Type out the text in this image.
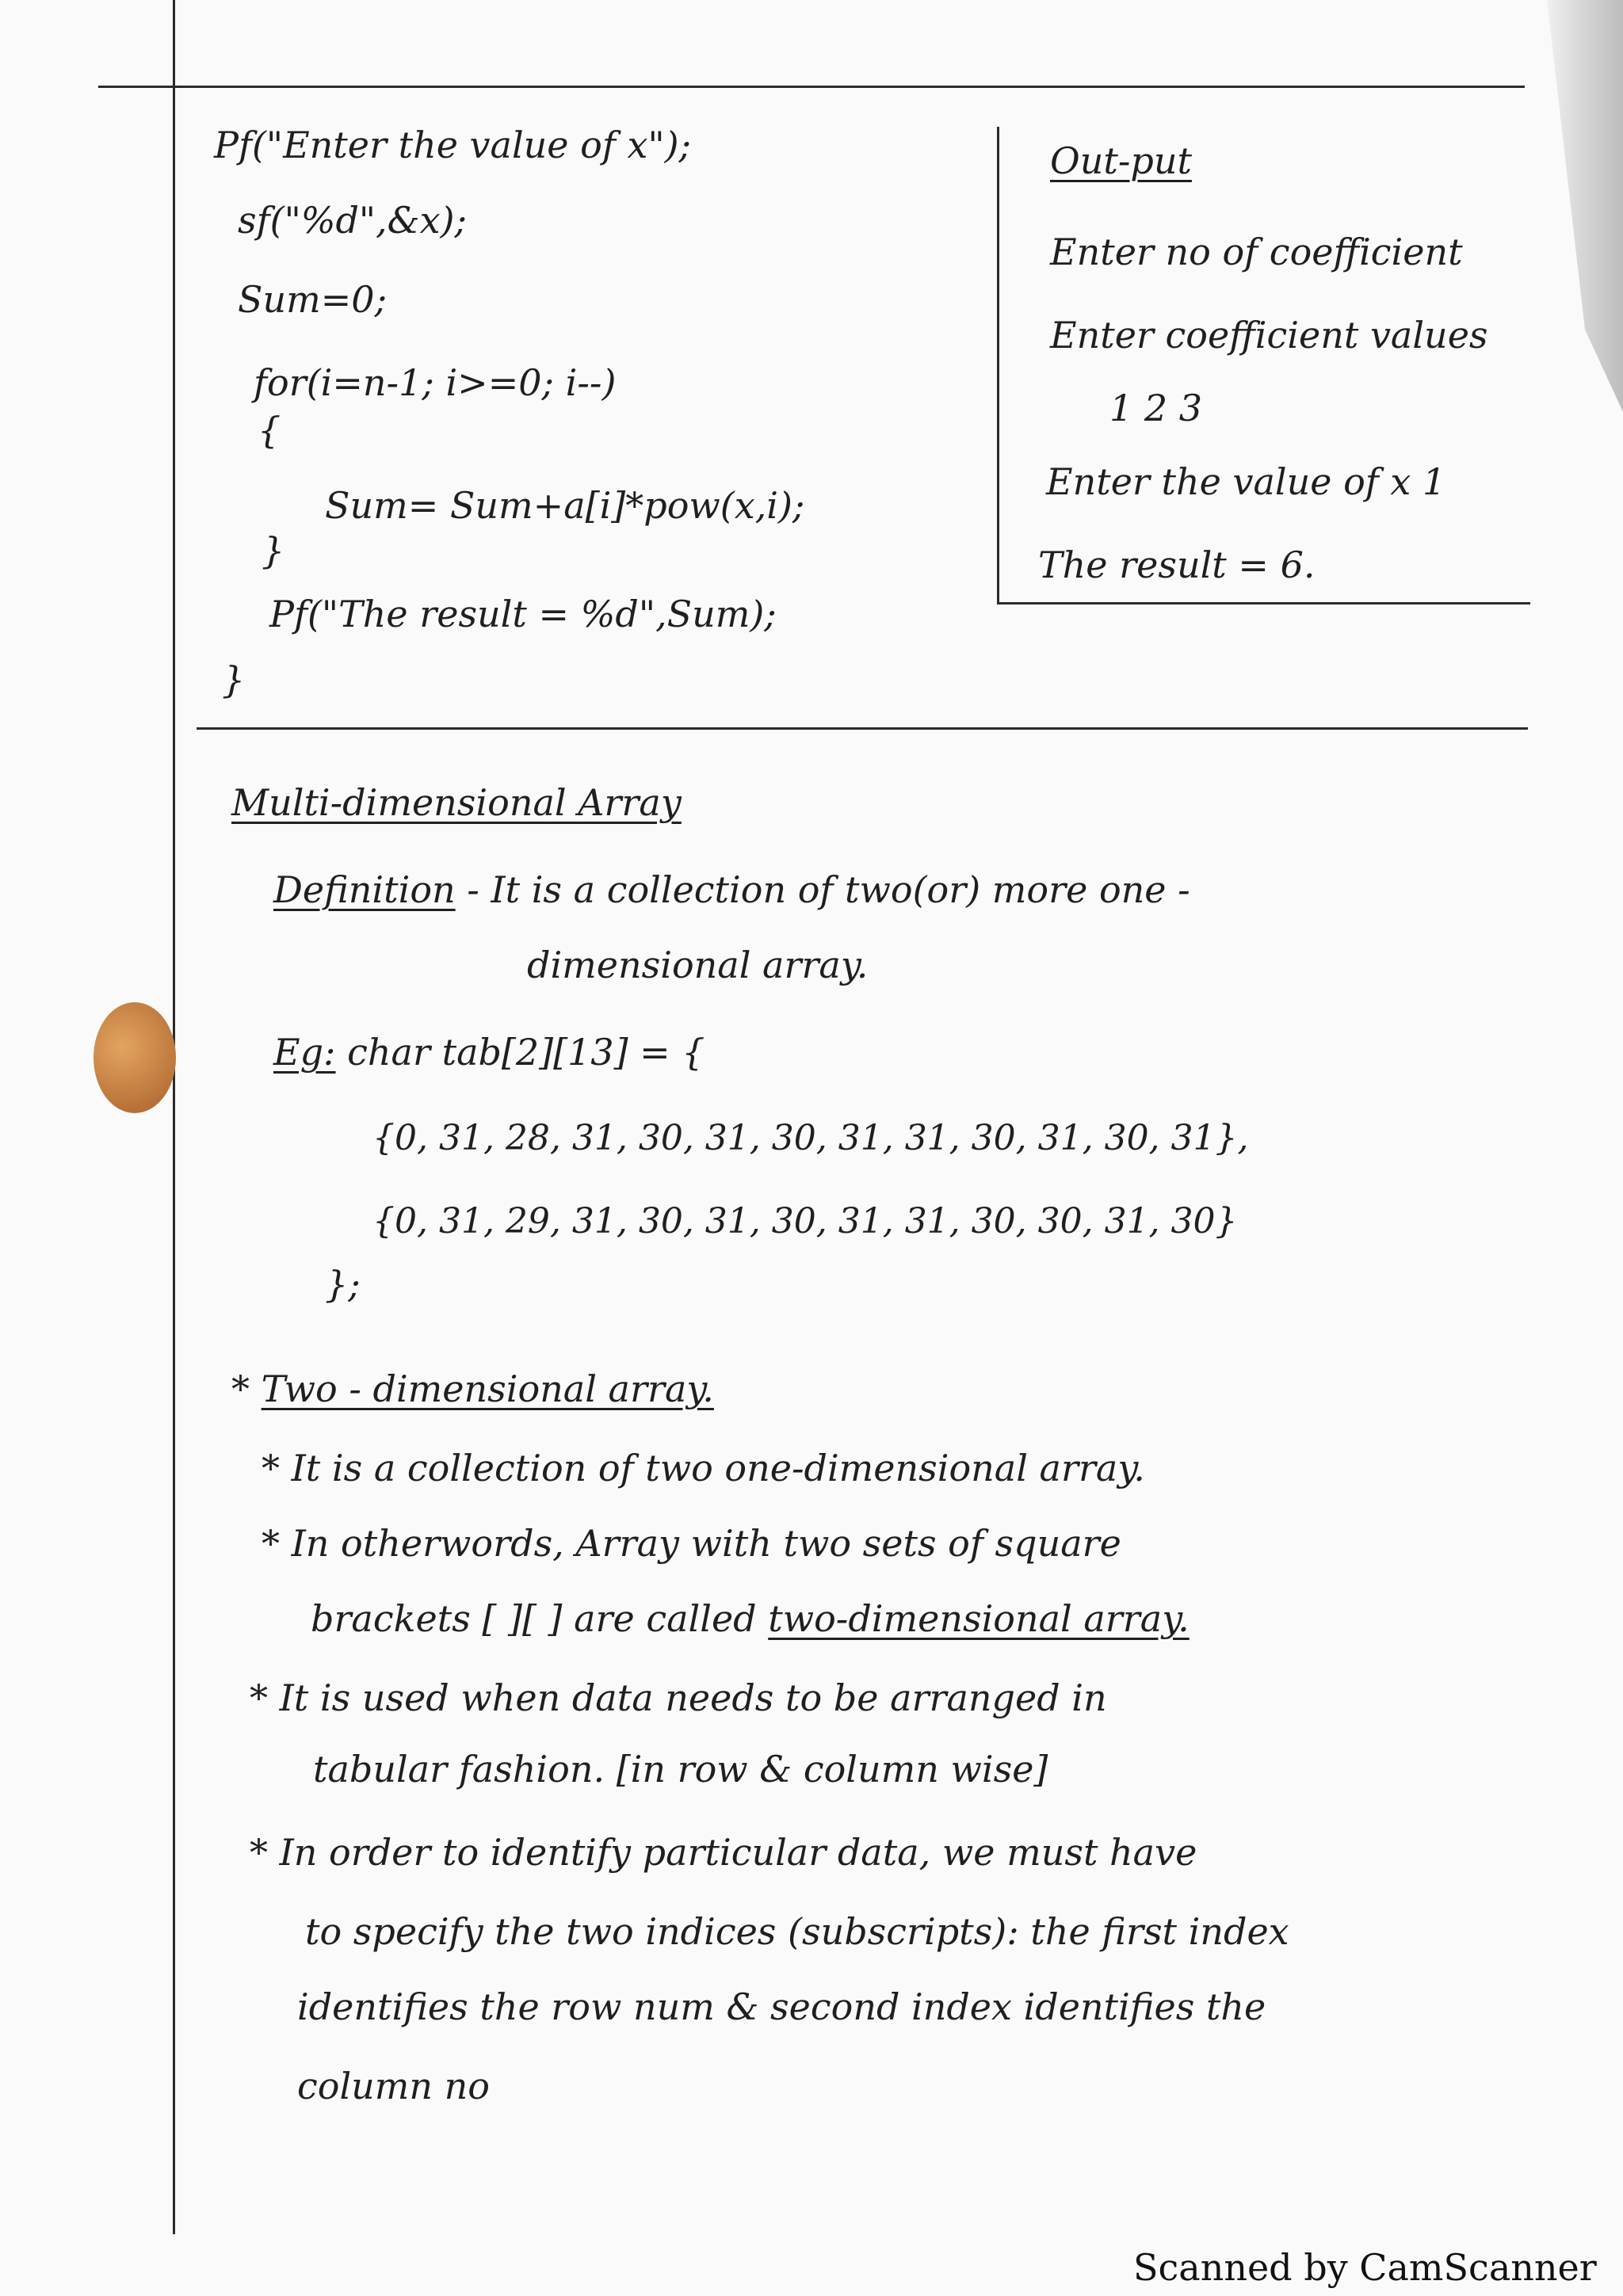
Pf("Enter the value of x");
sf("%d",&x);
Sum=0;
for(i=n-1; i>=0; i--)
{
Sum= Sum+a[i]*pow(x,i);
}
Pf("The result = %d",Sum);
}
Out-put
Enter no of coefficient
Enter coefficient values
1 2 3
Enter the value of x 1
The result = 6.
Multi-dimensional Array
Definition - It is a collection of two(or) more one -
dimensional array.
Eg: char tab[2][13] = {
{0, 31, 28, 31, 30, 31, 30, 31, 31, 30, 31, 30, 31},
{0, 31, 29, 31, 30, 31, 30, 31, 31, 30, 30, 31, 30}
};
* Two - dimensional array.
* It is a collection of two one-dimensional array.
* In otherwords, Array with two sets of square
brackets [ ][ ] are called two-dimensional array.
* It is used when data needs to be arranged in
tabular fashion. [in row & column wise]
* In order to identify particular data, we must have
to specify the two indices (subscripts): the first index
identifies the row num & second index identifies the
column no
Scanned by CamScanner
